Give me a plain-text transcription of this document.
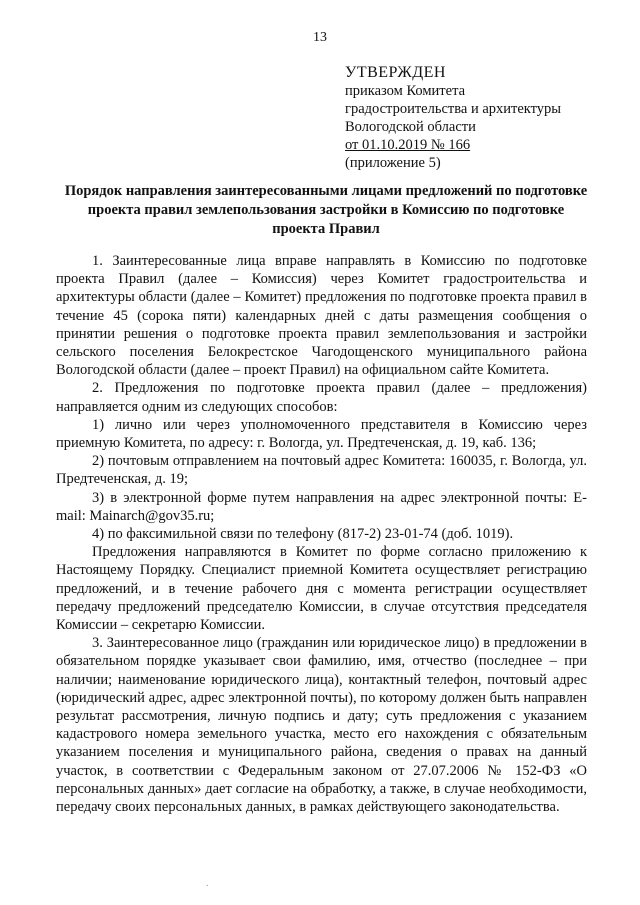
13
УТВЕРЖДЕН
приказом Комитета
градостроительства и архитектуры
Вологодской области
от 01.10.2019 № 166
(приложение 5)
Порядок направления заинтересованными лицами предложений по подготовке проекта правил землепользования застройки в Комиссию по подготовке проекта Правил

1. Заинтересованные лица вправе направлять в Комиссию по подготовке проекта Правил (далее – Комиссия) через Комитет градостроительства и архитектуры области (далее – Комитет) предложения по подготовке проекта правил в течение 45 (сорока пяти) календарных дней с даты размещения сообщения о принятии решения о подготовке проекта правил землепользования и застройки сельского поселения Белокрестское Чагодощенского муниципального района Вологодской области (далее – проект Правил) на официальном сайте Комитета.

2. Предложения по подготовке проекта правил (далее – предложения) направляется одним из следующих способов:

1) лично или через уполномоченного представителя в Комиссию через приемную Комитета, по адресу: г. Вологда, ул. Предтеченская, д. 19, каб. 136;

2) почтовым отправлением на почтовый адрес Комитета: 160035, г. Вологда, ул. Предтеченская, д. 19;

3) в электронной форме путем направления на адрес электронной почты: E-mail: Mainarch@gov35.ru;

4) по факсимильной связи по телефону (817-2) 23-01-74 (доб. 1019).

Предложения направляются в Комитет по форме согласно приложению к Настоящему Порядку. Специалист приемной Комитета осуществляет регистрацию предложений, и в течение рабочего дня с момента регистрации осуществляет передачу предложений председателю Комиссии, в случае отсутствия председателя Комиссии – секретарю Комиссии.

3. Заинтересованное лицо (гражданин или юридическое лицо) в предложении в обязательном порядке указывает свои фамилию, имя, отчество (последнее – при наличии; наименование юридического лица), контактный телефон, почтовый адрес (юридический адрес, адрес электронной почты), по которому должен быть направлен результат рассмотрения, личную подпись и дату; суть предложения с указанием кадастрового номера земельного участка, место его нахождения с обязательным указанием поселения и муниципального района, сведения о правах на данный участок, в соответствии с Федеральным законом от 27.07.2006 № 152-ФЗ «О персональных данных» дает согласие на обработку, а также, в случае необходимости, передачу своих персональных данных, в рамках действующего законодательства.

.
